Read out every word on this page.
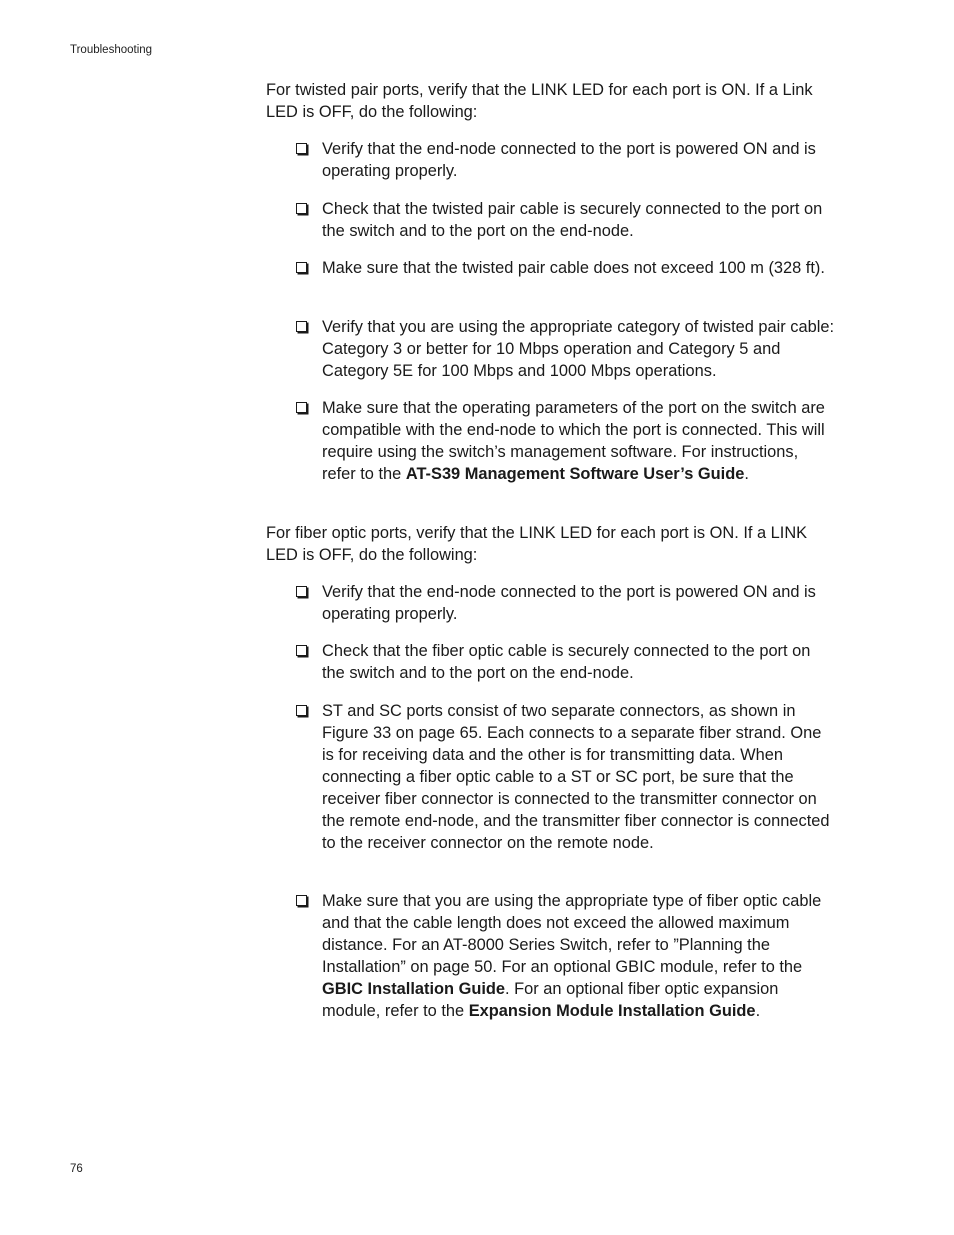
Troubleshooting

For twisted pair ports, verify that the LINK LED for each port is ON. If a Link LED is OFF, do the following:

Verify that the end-node connected to the port is powered ON and is operating properly.
Check that the twisted pair cable is securely connected to the port on the switch and to the port on the end-node.
Make sure that the twisted pair cable does not exceed 100 m (328 ft).
Verify that you are using the appropriate category of twisted pair cable: Category 3 or better for 10 Mbps operation and Category 5 and Category 5E for 100 Mbps and 1000 Mbps operations.
Make sure that the operating parameters of the port on the switch are compatible with the end-node to which the port is connected. This will require using the switch’s management software. For instructions, refer to the AT-S39 Management Software User’s Guide.

For fiber optic ports, verify that the LINK LED for each port is ON. If a LINK LED is OFF, do the following:

Verify that the end-node connected to the port is powered ON and is operating properly.
Check that the fiber optic cable is securely connected to the port on the switch and to the port on the end-node.
ST and SC ports consist of two separate connectors, as shown in Figure 33 on page 65. Each connects to a separate fiber strand. One is for receiving data and the other is for transmitting data. When connecting a fiber optic cable to a ST or SC port, be sure that the receiver fiber connector is connected to the transmitter connector on the remote end-node, and the transmitter fiber connector is connected to the receiver connector on the remote node.
Make sure that you are using the appropriate type of fiber optic cable and that the cable length does not exceed the allowed maximum distance. For an AT-8000 Series Switch, refer to ”Planning the Installation” on page 50. For an optional GBIC module, refer to the GBIC Installation Guide. For an optional fiber optic expansion module, refer to the Expansion Module Installation Guide.
76
